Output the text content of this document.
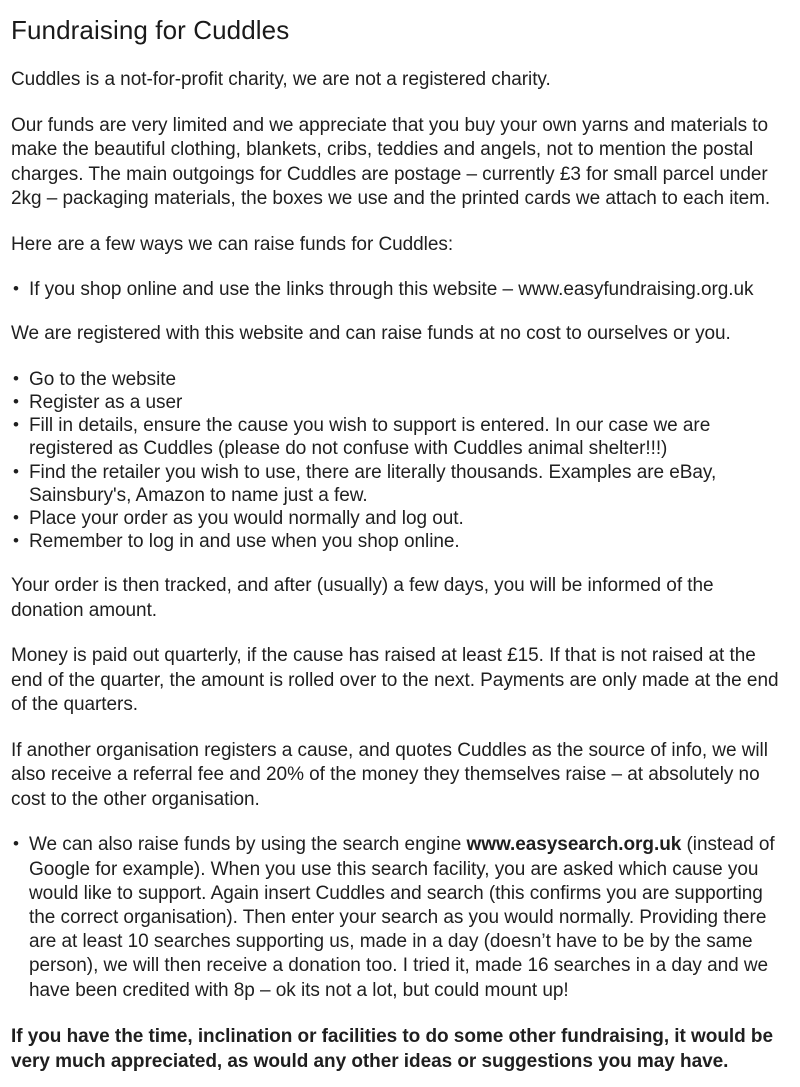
Fundraising for Cuddles

Cuddles is a not-for-profit charity, we are not a registered charity.

Our funds are very limited and we appreciate that you buy your own yarns and materials to make the beautiful clothing, blankets, cribs, teddies and angels, not to mention the postal charges. The main outgoings for Cuddles are postage – currently £3 for small parcel under 2kg – packaging materials, the boxes we use and the printed cards we attach to each item.

Here are a few ways we can raise funds for Cuddles:

• If you shop online and use the links through this website – www.easyfundraising.org.uk

We are registered with this website and can raise funds at no cost to ourselves or you.

• Go to the website
• Register as a user
• Fill in details, ensure the cause you wish to support is entered. In our case we are registered as Cuddles (please do not confuse with Cuddles animal shelter!!!)
• Find the retailer you wish to use, there are literally thousands. Examples are eBay, Sainsbury's, Amazon to name just a few.
• Place your order as you would normally and log out.
• Remember to log in and use when you shop online.

Your order is then tracked, and after (usually) a few days, you will be informed of the donation amount.

Money is paid out quarterly, if the cause has raised at least £15. If that is not raised at the end of the quarter, the amount is rolled over to the next. Payments are only made at the end of the quarters.

If another organisation registers a cause, and quotes Cuddles as the source of info, we will also receive a referral fee and 20% of the money they themselves raise – at absolutely no cost to the other organisation.

• We can also raise funds by using the search engine www.easysearch.org.uk (instead of Google for example). When you use this search facility, you are asked which cause you would like to support. Again insert Cuddles and search (this confirms you are supporting the correct organisation). Then enter your search as you would normally. Providing there are at least 10 searches supporting us, made in a day (doesn’t have to be by the same person), we will then receive a donation too. I tried it, made 16 searches in a day and we have been credited with 8p – ok its not a lot, but could mount up!

If you have the time, inclination or facilities to do some other fundraising, it would be very much appreciated, as would any other ideas or suggestions you may have.
